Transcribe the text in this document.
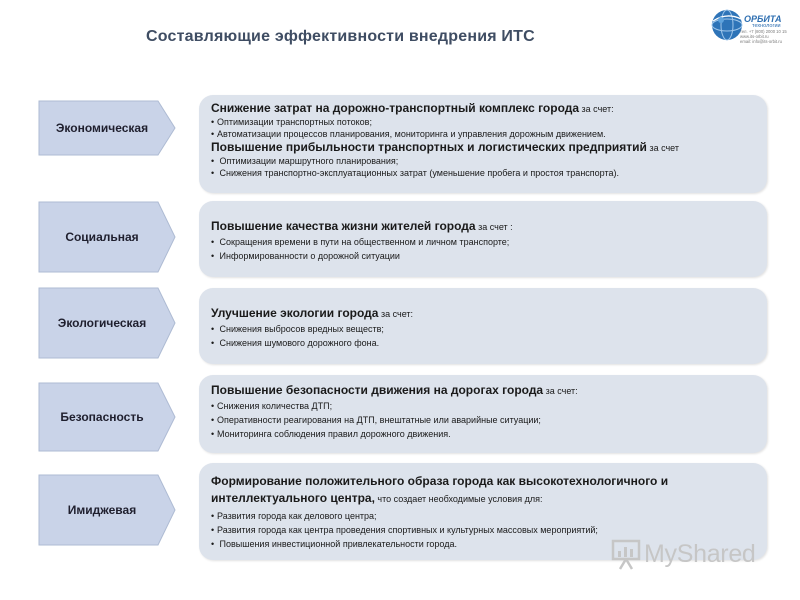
Составляющие эффективности внедрения ИТС
ОРБИТА
технологии
тел. +7 (800) 2000 10 15
www.its-orbit.ru
email: info@its-orbit.ru
Экономическая
Снижение затрат на дорожно-транспортный комплекс города за счет:
• Оптимизации транспортных потоков;
• Автоматизации процессов планирования, мониторинга и управления дорожным движением.
Повышение прибыльности транспортных и логистических предприятий за счет
• Оптимизации маршрутного планирования;
• Снижения транспортно-эксплуатационных затрат (уменьшение пробега и простоя транспорта).
Социальная
Повышение качества жизни жителей города за счет :
• Сокращения времени в пути на общественном и личном транспорте;
• Информированности о дорожной ситуации
Экологическая
Улучшение экологии города за счет:
• Снижения выбросов вредных веществ;
• Снижения шумового дорожного фона.
Безопасность
Повышение безопасности движения на дорогах города за счет:
• Снижения количества ДТП;
• Оперативности реагирования на ДТП, внештатные или аварийные ситуации;
• Мониторинга соблюдения правил дорожного движения.
Имиджевая
Формирование положительного образа города как высокотехнологичного и интеллектуального центра, что создает необходимые условия для:
• Развития города как делового центра;
• Развития города как центра проведения спортивных и культурных массовых мероприятий;
• Повышения инвестиционной привлекательности города.	MyShared
